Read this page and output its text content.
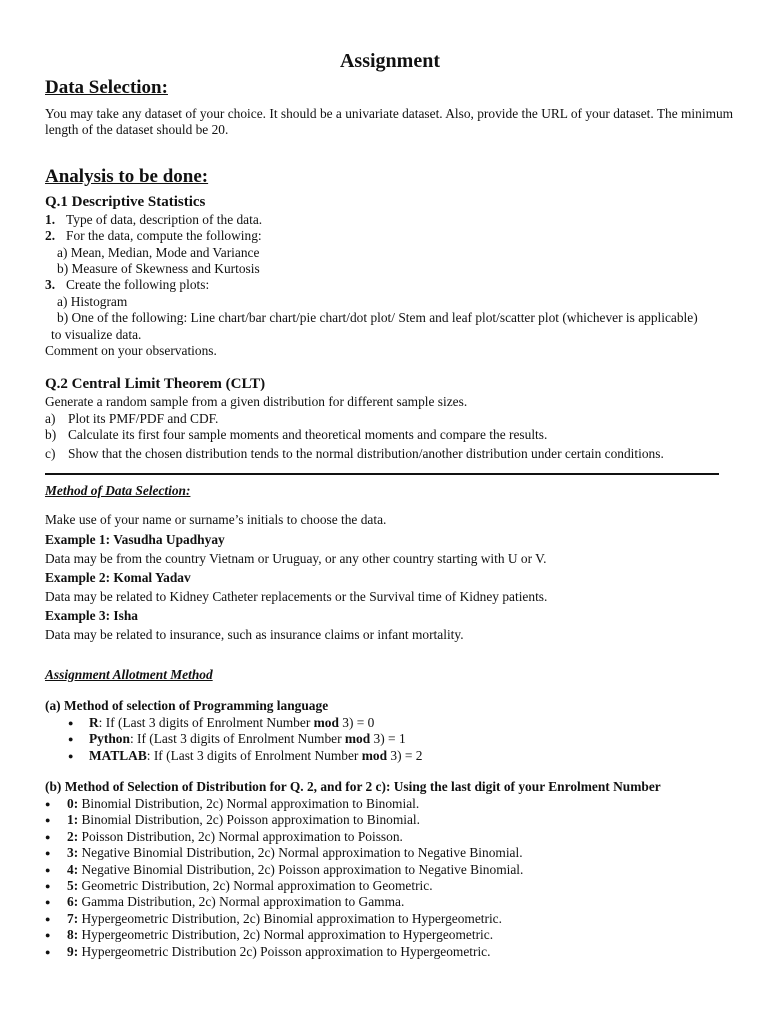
Assignment
Data Selection:

You may take any dataset of your choice. It should be a univariate dataset. Also, provide the URL of your dataset. The minimum length of the dataset should be 20.

Analysis to be done:

Q.1 Descriptive Statistics

1. Type of data, description of the data.

2. For the data, compute the following:

a) Mean, Median, Mode and Variance

b) Measure of Skewness and Kurtosis

3. Create the following plots:

a) Histogram

b) One of the following: Line chart/bar chart/pie chart/dot plot/ Stem and leaf plot/scatter plot (whichever is applicable)

to visualize data.

Comment on your observations.

Q.2 Central Limit Theorem (CLT)

Generate a random sample from a given distribution for different sample sizes.

a) Plot its PMF/PDF and CDF.

b) Calculate its first four sample moments and theoretical moments and compare the results.

c) Show that the chosen distribution tends to the normal distribution/another distribution under certain conditions.

Method of Data Selection:

Make use of your name or surname’s initials to choose the data.

Example 1: Vasudha Upadhyay

Data may be from the country Vietnam or Uruguay, or any other country starting with U or V.

Example 2: Komal Yadav

Data may be related to Kidney Catheter replacements or the Survival time of Kidney patients.

Example 3: Isha

Data may be related to insurance, such as insurance claims or infant mortality.

Assignment Allotment Method

(a) Method of selection of Programming language

● R: If (Last 3 digits of Enrolment Number mod 3) = 0
● Python: If (Last 3 digits of Enrolment Number mod 3) = 1
● MATLAB: If (Last 3 digits of Enrolment Number mod 3) = 2

(b) Method of Selection of Distribution for Q. 2, and for 2 c): Using the last digit of your Enrolment Number

● 0: Binomial Distribution, 2c) Normal approximation to Binomial.
● 1: Binomial Distribution, 2c) Poisson approximation to Binomial.
● 2: Poisson Distribution, 2c) Normal approximation to Poisson.
● 3: Negative Binomial Distribution, 2c) Normal approximation to Negative Binomial.
● 4: Negative Binomial Distribution, 2c) Poisson approximation to Negative Binomial.
● 5: Geometric Distribution, 2c) Normal approximation to Geometric.
● 6: Gamma Distribution, 2c) Normal approximation to Gamma.
● 7: Hypergeometric Distribution, 2c) Binomial approximation to Hypergeometric.
● 8: Hypergeometric Distribution, 2c) Normal approximation to Hypergeometric.
● 9: Hypergeometric Distribution 2c) Poisson approximation to Hypergeometric.
